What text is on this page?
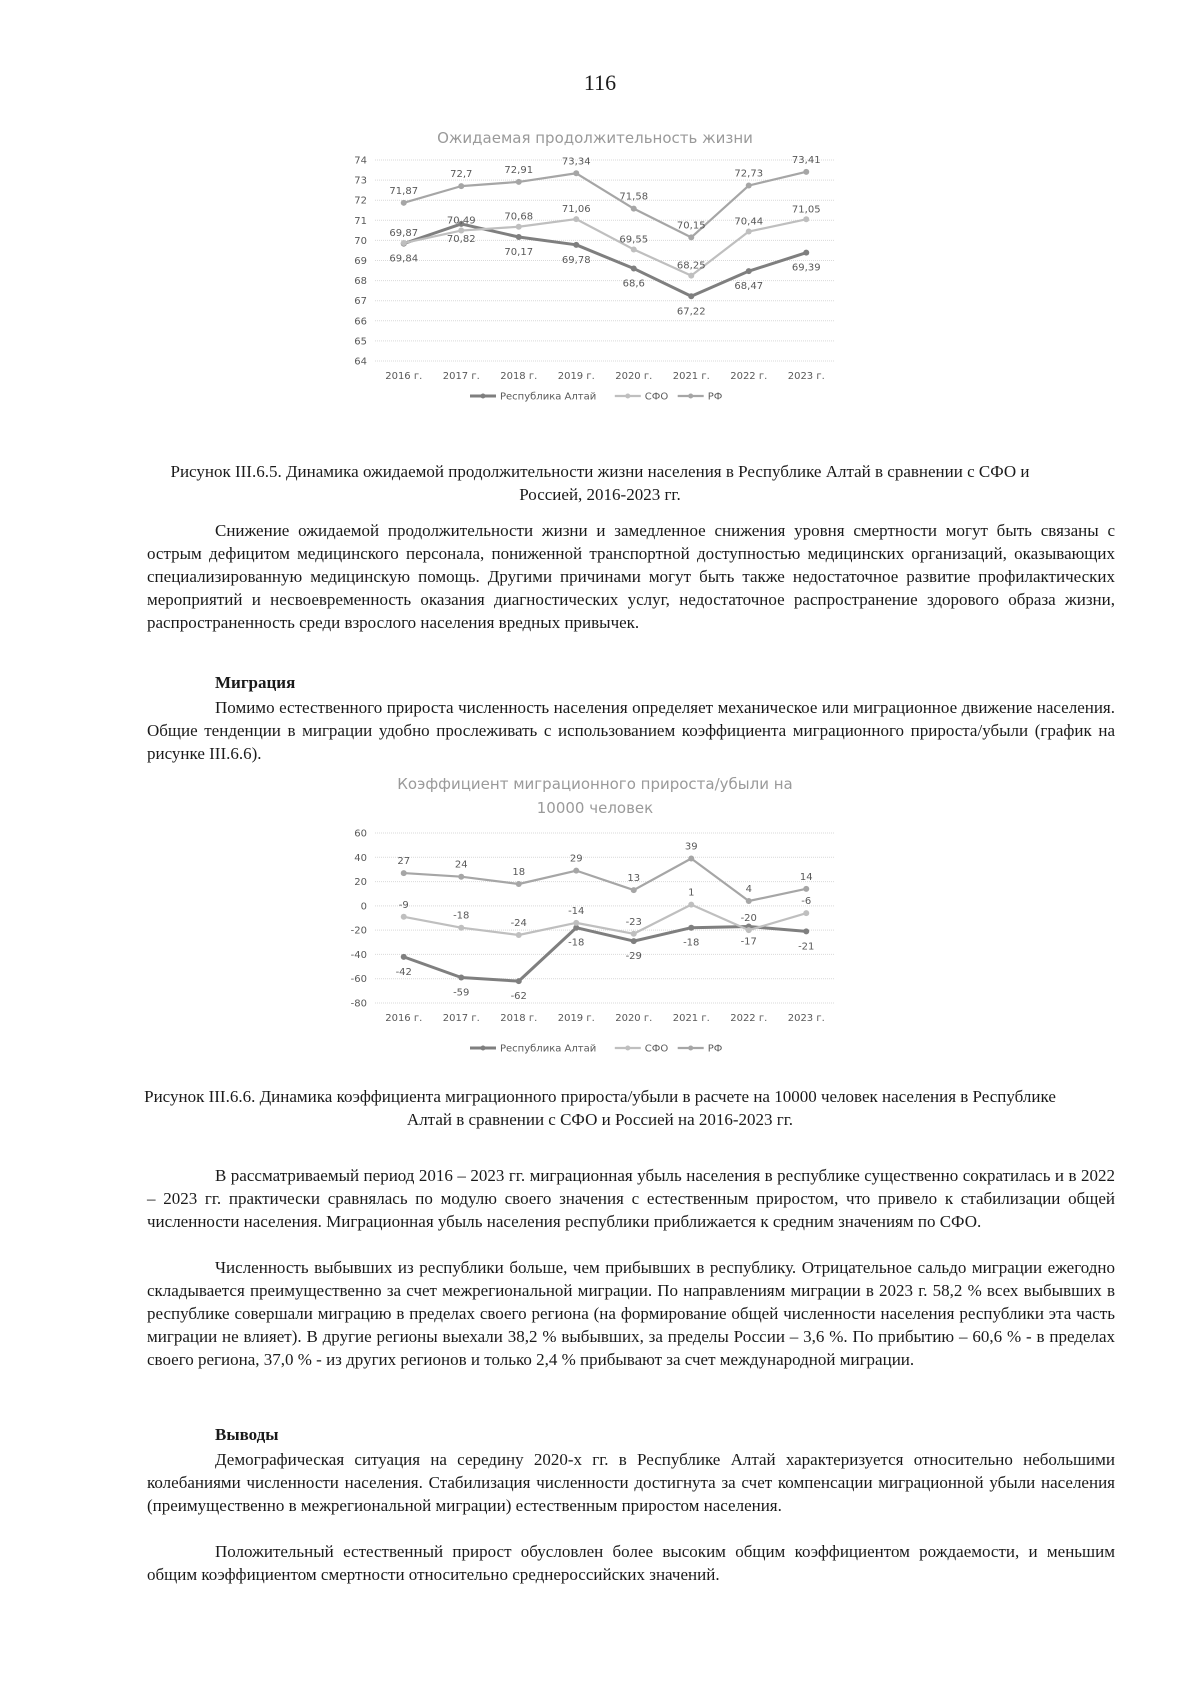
116
Ожидаемая продолжительность жизни
64
65
66
67
68
69
70
71
72
73
74
2016 г. 2017 г. 2018 г. 2019 г. 2020 г. 2021 г. 2022 г. 2023 г.
69,84
70,82
70,17
69,78
68,6
67,22
68,47
69,39
69,87
70,49	70,68
71,06
69,55
68,25
70,44
71,05
71,87
72,7	72,91
73,34
71,58
70,15
72,73
73,41
Республика Алтай	СФО	РФ
Рисунок III.6.5. Динамика ожидаемой продолжительности жизни населения в Республике Алтай в сравнении с СФО и Россией, 2016-2023 гг.

Снижение ожидаемой продолжительности жизни и замедленное снижения уровня смертности могут быть связаны с острым дефицитом медицинского персонала, пониженной транспортной доступностью медицинских организаций, оказывающих специализированную медицинскую помощь. Другими причинами могут быть также недостаточное развитие профилактических мероприятий и несвоевременность оказания диагностических услуг, недостаточное распространение здорового образа жизни, распространенность среди взрослого населения вредных привычек.

Миграция

Помимо естественного прироста численность населения определяет механическое или миграционное движение населения. Общие тенденции в миграции удобно прослеживать с использованием коэффициента миграционного прироста/убыли (график на рисунке III.6.6).

Коэффициент миграционного прироста/убыли на
10000 человек
-80
-60
-40
-20
0
20
40
60
2016 г. 2017 г. 2018 г. 2019 г. 2020 г. 2021 г. 2022 г. 2023 г.
-42
-59	-62
-18
-29
-18	-17	-21
-9
-18
-24
-14
-23
1
-20
-6
27	24
18
29
13
39
4
14
Республика Алтай	СФО	РФ
Рисунок III.6.6. Динамика коэффициента миграционного прироста/убыли в расчете на 10000 человек населения в Республике Алтай в сравнении с СФО и Россией на 2016-2023 гг.

В рассматриваемый период 2016 – 2023 гг. миграционная убыль населения в республике существенно сократилась и в 2022 – 2023 гг. практически сравнялась по модулю своего значения с естественным приростом, что привело к стабилизации общей численности населения. Миграционная убыль населения республики приближается к средним значениям по СФО.

Численность выбывших из республики больше, чем прибывших в республику. Отрицательное сальдо миграции ежегодно складывается преимущественно за счет межрегиональной миграции. По направлениям миграции в 2023 г. 58,2 % всех выбывших в республике совершали миграцию в пределах своего региона (на формирование общей численности населения республики эта часть миграции не влияет). В другие регионы выехали 38,2 % выбывших, за пределы России – 3,6 %. По прибытию – 60,6 % - в пределах своего региона, 37,0 % - из других регионов и только 2,4 % прибывают за счет международной миграции.

Выводы

Демографическая ситуация на середину 2020-х гг. в Республике Алтай характеризуется относительно небольшими колебаниями численности населения. Стабилизация численности достигнута за счет компенсации миграционной убыли населения (преимущественно в межрегиональной миграции) естественным приростом населения.

Положительный естественный прирост обусловлен более высоким общим коэффициентом рождаемости, и меньшим общим коэффициентом смертности относительно среднероссийских значений.
